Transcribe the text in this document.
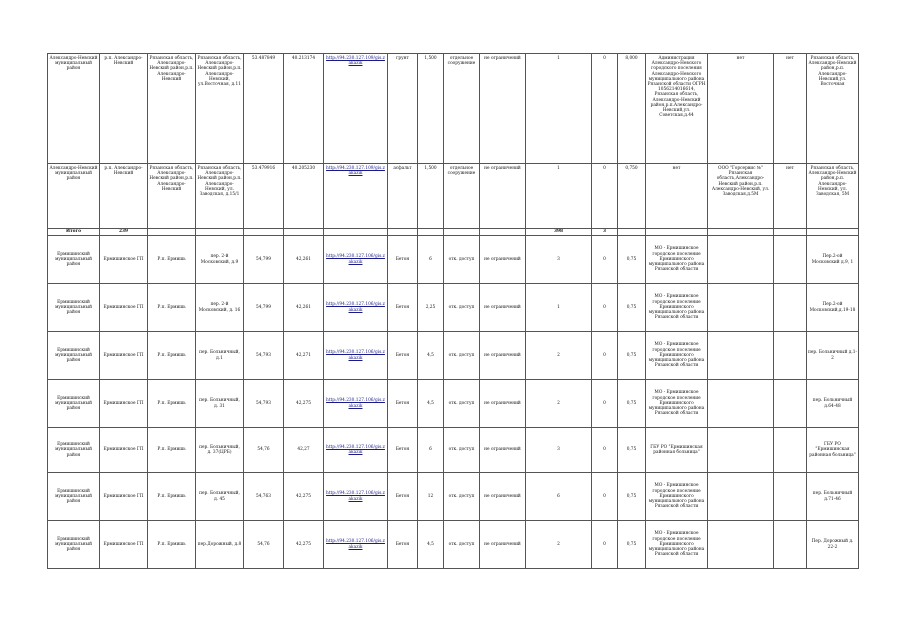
Александро-Невский муниципальный район	р.п. Александро-Невский	Рязанская область, Александро-Невский район,р.п. Александро-Невский	Рязанская область, Александро-Невский район,р.п. Александро-Невский, ул.Восточная, д.11	53.487849	40.213174	http://94.230.127.109/gis.zakazik	грунт	1,500	отдельное сооружение	не ограничений	1	0	8,000	Администрация Александро-Невского городского поселения Александро-Невского муниципального района Рязанской области ОГРН 1056214016614, Рязанская область, Александро-Невский район,р.п.Александро-Невский,ул. Советская,д.44	нет	нет	Рязанская область, Александро-Невский район,р.п. Александро-Невский,ул. Восточная
Александро-Невский муниципальный район	р.п. Александро-Невский	Рязанская область, Александро-Невский район,р.п. Александро-Невский	Рязанская область, Александро-Невский район,р.п. Александро-Невский, ул. Заводская, д.15/1	53.479916	40.205230	http://94.230.127.109/gis.zakazik	асфальт	1,500	отдельное сооружение	не ограничений	1	0	0,750	нет	ООО "Горсервис №" Рязанская область,Александро-Невский район,р.п. Александро-Невский, ул. Заводская,д.5М	нет	Рязанская область, Александро-Невский район,р.п. Александро-Невский, ул. Заводская, 5М
Итого	239										398	3					
Ермишинский муниципальный район	Ермишинское ГП	Р.п. Ермишь	пер. 2-й Московский, д.9	54,799	42,261	http://94.230.127.106/gis.zakazik	Бетон	6	отк. доступ	не ограничений	3	0	0,75	МО - Ермишинское городское поселение Ермишинского муниципального района Рязанской области			Пер.2-ой Московский д.9, 1
Ермишинский муниципальный район	Ермишинское ГП	Р.п. Ермишь	пер. 2-й Московский, д. 16	54,799	42,261	http://94.230.127.106/gis.zakazik	Бетон	2,25	отк. доступ	не ограничений	1	0	0,75	МО - Ермишинское городское поселение Ермишинского муниципального района Рязанской области			Пер.2-ой Московский,д.19-18
Ермишинский муниципальный район	Ермишинское ГП	Р.п. Ермишь	пер. Больничный, д.1	54,793	42,271	http://94.230.127.106/gis.zakazik	Бетон	4,5	отк. доступ	не ограничений	2	0	0,75	МО - Ермишинское городское поселение Ермишинского муниципального района Рязанской области			пер. Больничный д.1-2
Ермишинский муниципальный район	Ермишинское ГП	Р.п. Ермишь	пер. Больничный, д. 31	54,793	42,275	http://94.230.127.106/gis.zakazik	Бетон	4,5	отк. доступ	не ограничений	2	0	0,75	МО - Ермишинское городское поселение Ермишинского муниципального района Рязанской области			пер. Больничный д.64-48
Ермишинский муниципальный район	Ермишинское ГП	Р.п. Ермишь	пер. Больничный, д. 37(ЦРБ)	54,76	42,27	http://94.230.127.106/gis.zakazik	Бетон	6	отк. доступ	не ограничений	3	0	0,75	ГБУ РО "Ермишинская районная больница"			ГБУ РО "Ермишинская районная больница"
Ермишинский муниципальный район	Ермишинское ГП	Р.п. Ермишь	пер. Больничный, д. 45	54,763	42,275	http://94.230.127.106/gis.zakazik	Бетон	12	отк. доступ	не ограничений	6	0	0,75	МО - Ермишинское городское поселение Ермишинского муниципального района Рязанской области			пер. Больничный д.71-46
Ермишинский муниципальный район	Ермишинское ГП	Р.п. Ермишь	пер.Дорожный, д.8	54,76	42,275	http://94.230.127.106/gis.zakazik	Бетон	4,5	отк. доступ	не ограничений	2	0	0,75	МО - Ермишинское городское поселение Ермишинского муниципального района Рязанской области			Пер. Дорожный д. 22-2
